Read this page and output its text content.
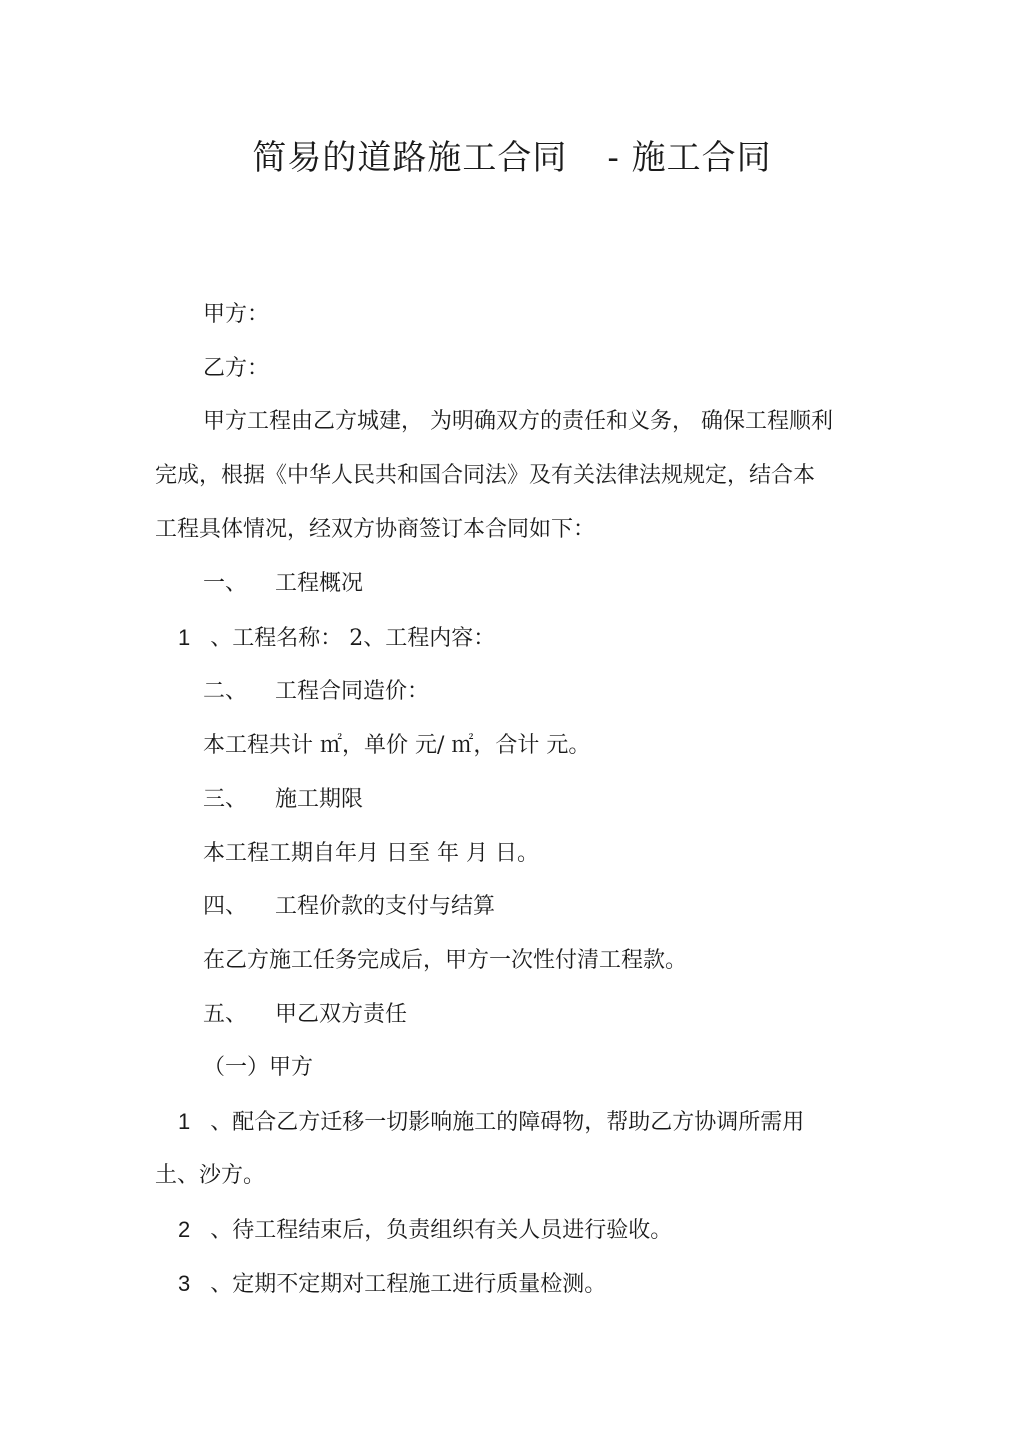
简易的道路施工合同 - 施工合同
甲方：
乙方：
甲方工程由乙方城建， 为明确双方的责任和义务， 确保工程顺利
完成，根据《中华人民共和国合同法》及有关法律法规规定，结合本
工程具体情况，经双方协商签订本合同如下：
一、 工程概况
1 、工程名称： 2、工程内容：
二、 工程合同造价：
本工程共计 ㎡，单价 元/ ㎡，合计 元。
三、 施工期限
本工程工期自年月 日至 年 月 日。
四、 工程价款的支付与结算
在乙方施工任务完成后，甲方一次性付清工程款。
五、 甲乙双方责任
（一）甲方
1 、配合乙方迁移一切影响施工的障碍物，帮助乙方协调所需用
土、沙方。
2 、待工程结束后，负责组织有关人员进行验收。
3 、定期不定期对工程施工进行质量检测。
